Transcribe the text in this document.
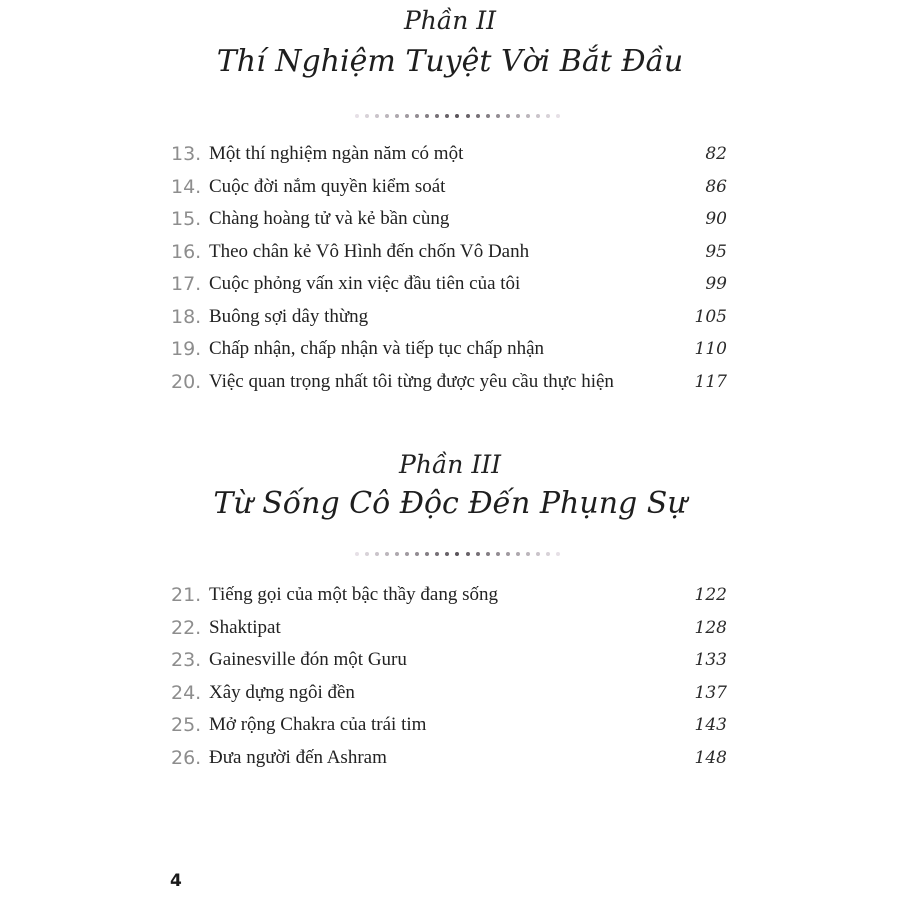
Phần II
Thí Nghiệm Tuyệt Vời Bắt Đầu
13. Một thí nghiệm ngàn năm có một	82
14. Cuộc đời nắm quyền kiểm soát	86
15. Chàng hoàng tử và kẻ bần cùng	90
16. Theo chân kẻ Vô Hình đến chốn Vô Danh	95
17. Cuộc phỏng vấn xin việc đầu tiên của tôi	99
18. Buông sợi dây thừng	105
19. Chấp nhận, chấp nhận và tiếp tục chấp nhận	110
20. Việc quan trọng nhất tôi từng được yêu cầu thực hiện	117
Phần III
Từ Sống Cô Độc Đến Phụng Sự
21. Tiếng gọi của một bậc thầy đang sống	122
22. Shaktipat	128
23. Gainesville đón một Guru	133
24. Xây dựng ngôi đền	137
25. Mở rộng Chakra của trái tim	143
26. Đưa người đến Ashram	148
4
